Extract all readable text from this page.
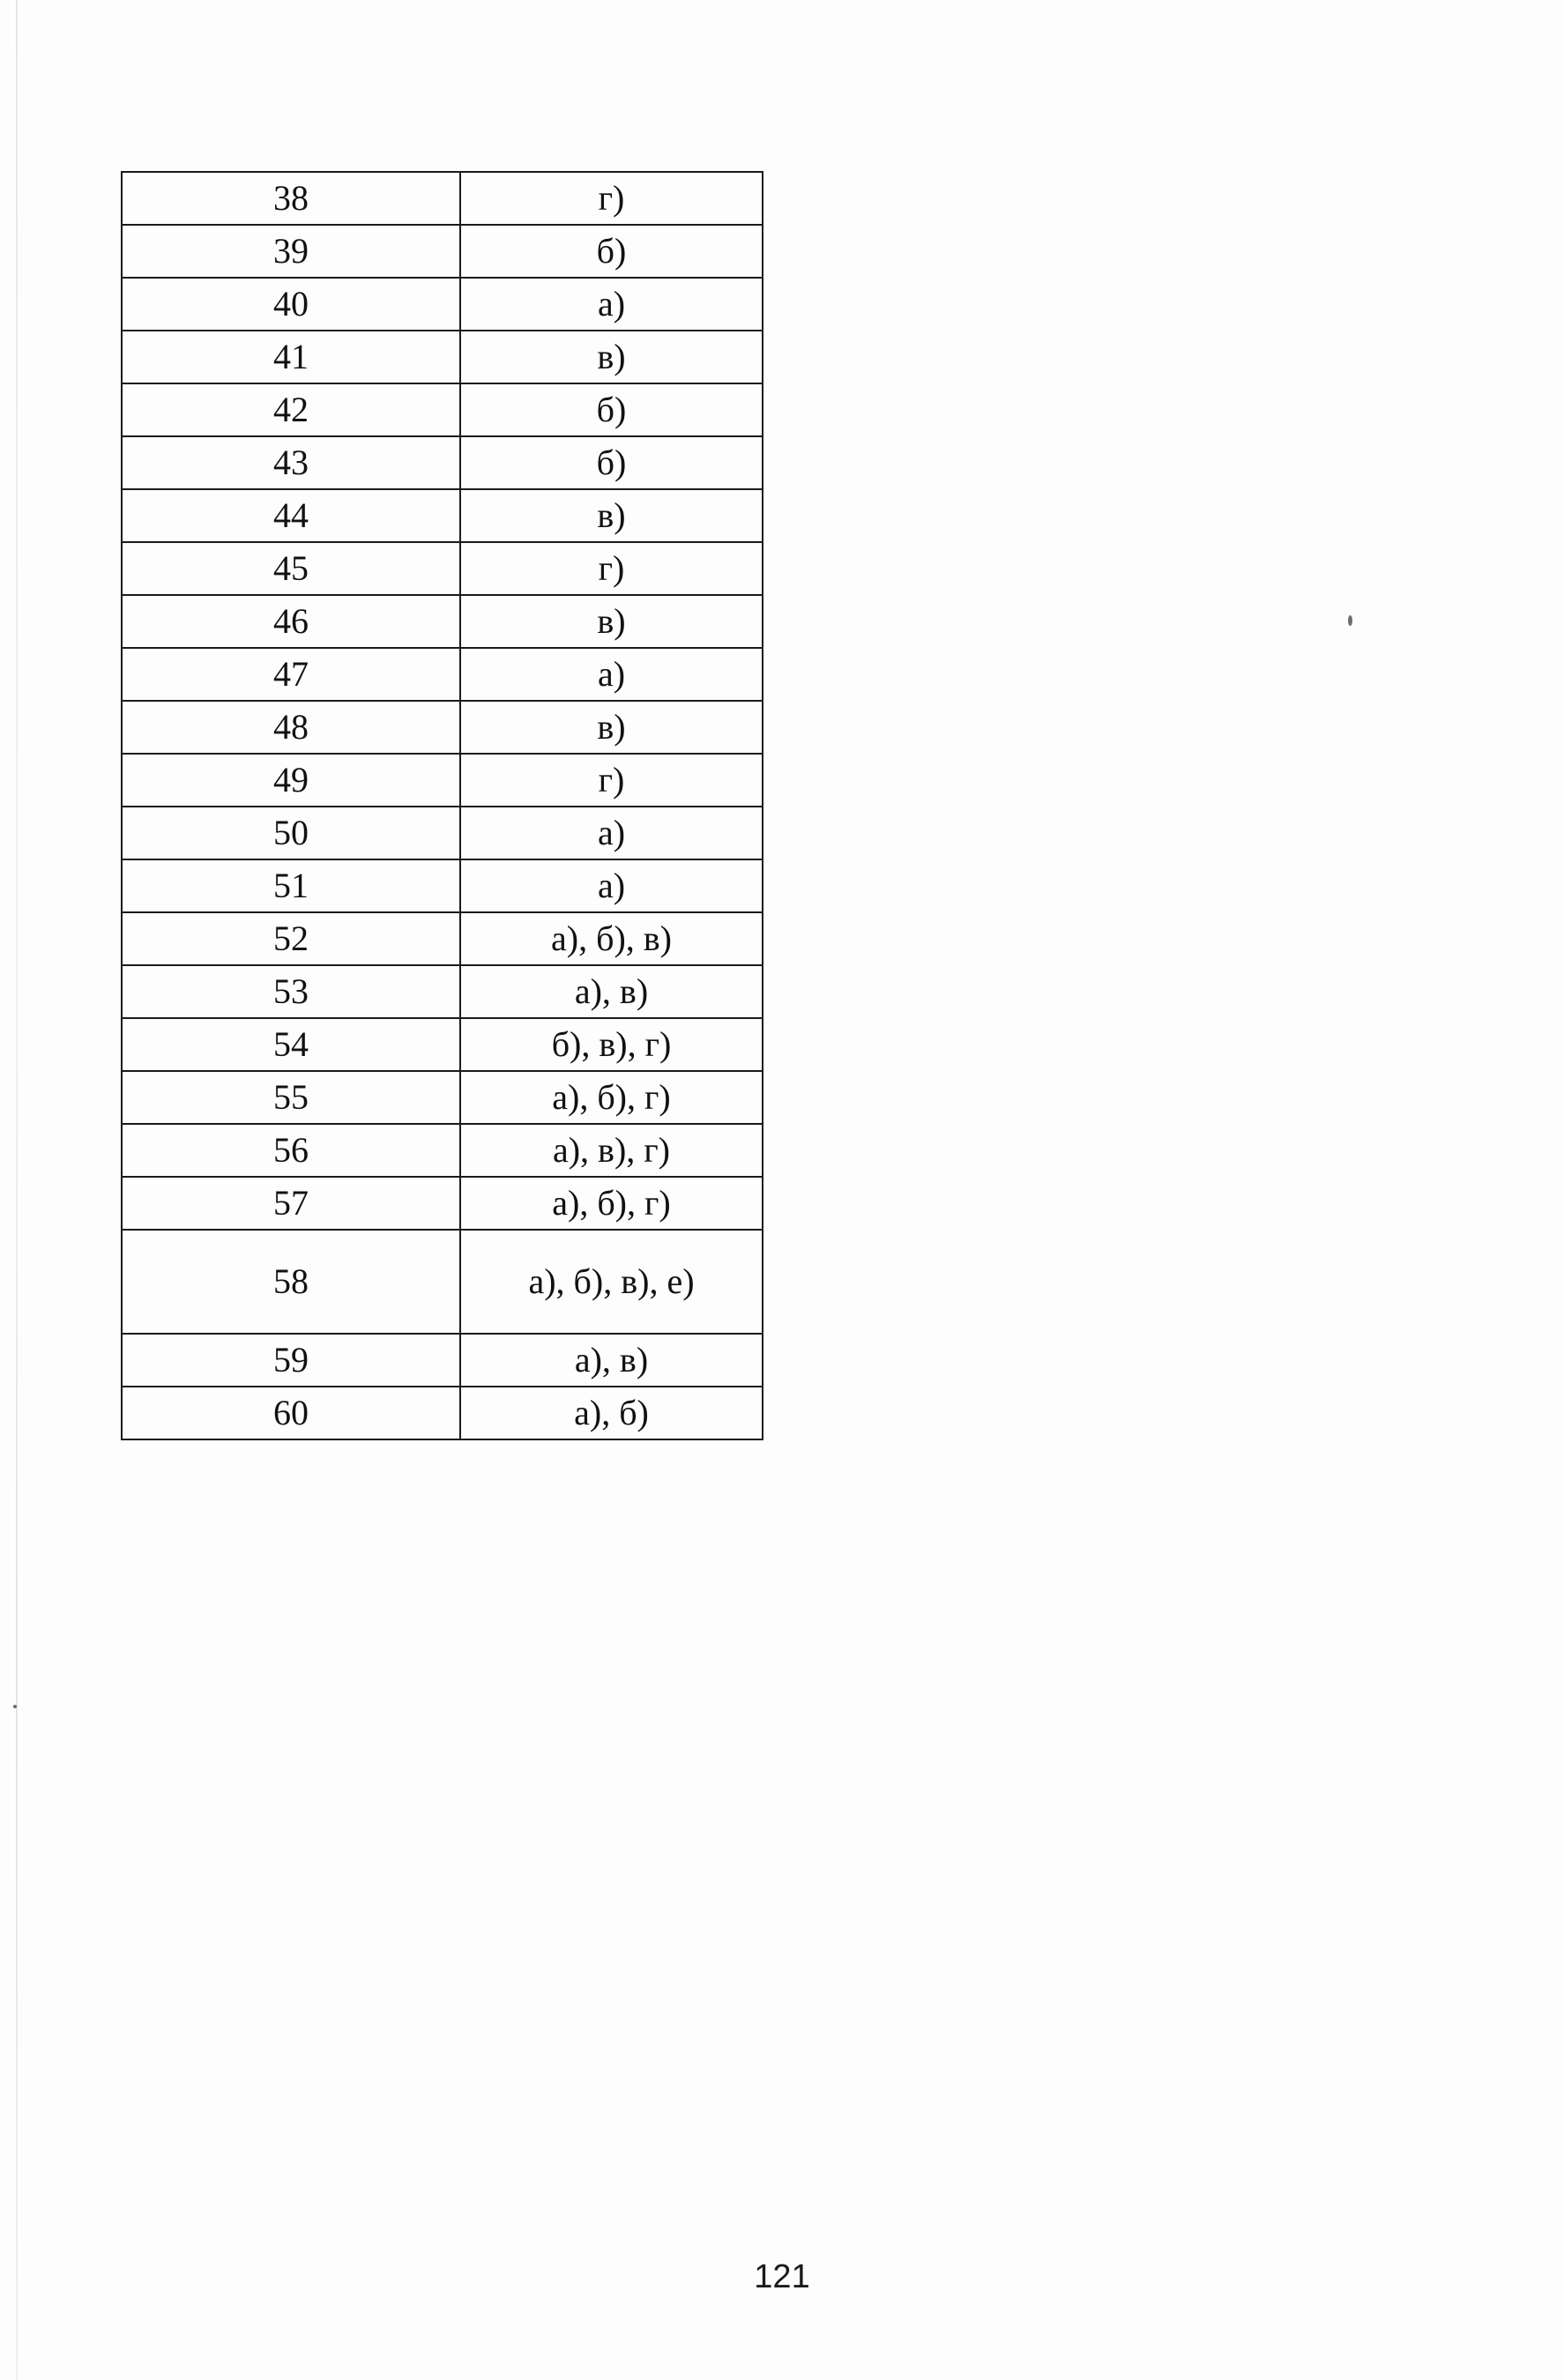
38	г)
39	б)
40	а)
41	в)
42	б)
43	б)
44	в)
45	г)
46	в)
47	а)
48	в)
49	г)
50	а)
51	а)
52	а), б), в)
53	а), в)
54	б), в), г)
55	а), б), г)
56	а), в), г)
57	а), б), г)
58	а), б), в), е)
59	а), в)
60	а), б)
121
